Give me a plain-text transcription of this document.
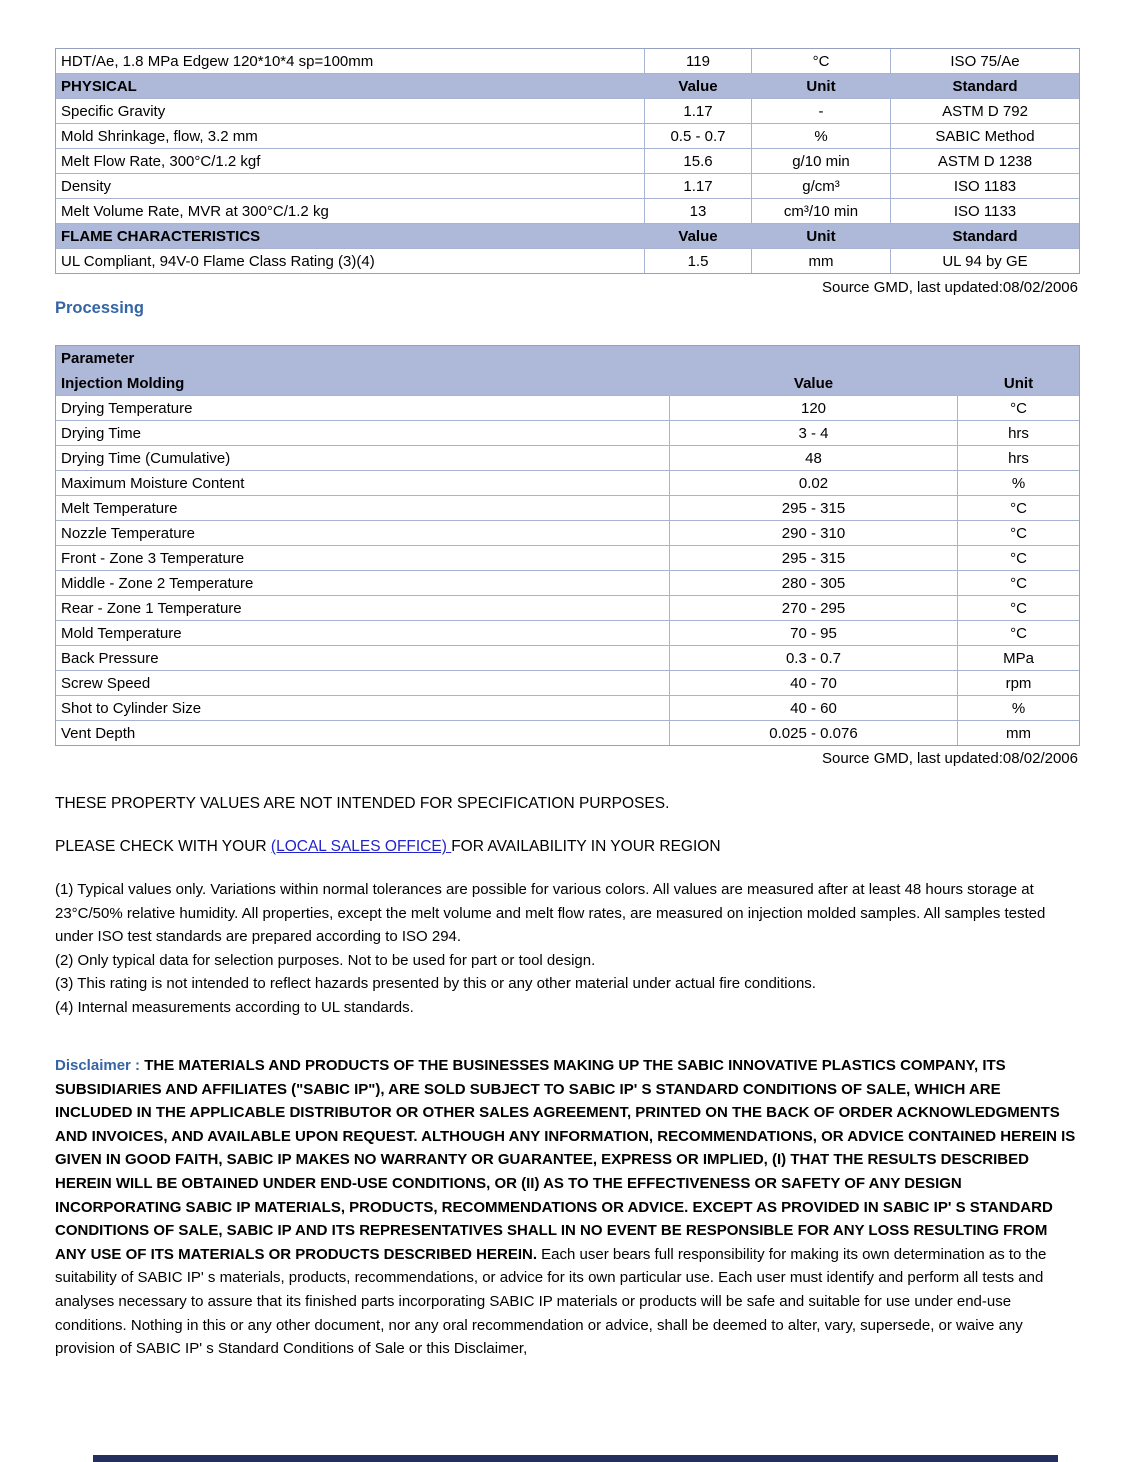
HDT/Ae, 1.8 MPa Edgew 120*10*4 sp=100mm	119	°C	ISO 75/Ae
PHYSICAL	Value	Unit	Standard
Specific Gravity	1.17	-	ASTM D 792
Mold Shrinkage, flow, 3.2 mm	0.5 - 0.7	%	SABIC Method
Melt Flow Rate, 300°C/1.2 kgf	15.6	g/10 min	ASTM D 1238
Density	1.17	g/cm³	ISO 1183
Melt Volume Rate, MVR at 300°C/1.2 kg	13	cm³/10 min	ISO 1133
FLAME CHARACTERISTICS	Value	Unit	Standard
UL Compliant, 94V-0 Flame Class Rating (3)(4)	1.5	mm	UL 94 by GE
Source GMD, last updated:08/02/2006
Processing
Parameter		
Injection Molding	Value	Unit
Drying Temperature	120	°C
Drying Time	3 - 4	hrs
Drying Time (Cumulative)	48	hrs
Maximum Moisture Content	0.02	%
Melt Temperature	295 - 315	°C
Nozzle Temperature	290 - 310	°C
Front - Zone 3 Temperature	295 - 315	°C
Middle - Zone 2 Temperature	280 - 305	°C
Rear - Zone 1 Temperature	270 - 295	°C
Mold Temperature	70 - 95	°C
Back Pressure	0.3 - 0.7	MPa
Screw Speed	40 - 70	rpm
Shot to Cylinder Size	40 - 60	%
Vent Depth	0.025 - 0.076	mm
Source GMD, last updated:08/02/2006
THESE PROPERTY VALUES ARE NOT INTENDED FOR SPECIFICATION PURPOSES.
PLEASE CHECK WITH YOUR (LOCAL SALES OFFICE) FOR AVAILABILITY IN YOUR REGION
(1) Typical values only. Variations within normal tolerances are possible for various colors. All values are measured after at least 48 hours storage at 23°C/50% relative humidity. All properties, except the melt volume and melt flow rates, are measured on injection molded samples. All samples tested under ISO test standards are prepared according to ISO 294.
(2) Only typical data for selection purposes. Not to be used for part or tool design.
(3) This rating is not intended to reflect hazards presented by this or any other material under actual fire conditions.
(4) Internal measurements according to UL standards.
Disclaimer : THE MATERIALS AND PRODUCTS OF THE BUSINESSES MAKING UP THE SABIC INNOVATIVE PLASTICS COMPANY, ITS SUBSIDIARIES AND AFFILIATES ("SABIC IP"), ARE SOLD SUBJECT TO SABIC IP' S STANDARD CONDITIONS OF SALE, WHICH ARE INCLUDED IN THE APPLICABLE DISTRIBUTOR OR OTHER SALES AGREEMENT, PRINTED ON THE BACK OF ORDER ACKNOWLEDGMENTS AND INVOICES, AND AVAILABLE UPON REQUEST. ALTHOUGH ANY INFORMATION, RECOMMENDATIONS, OR ADVICE CONTAINED HEREIN IS GIVEN IN GOOD FAITH, SABIC IP MAKES NO WARRANTY OR GUARANTEE, EXPRESS OR IMPLIED, (I) THAT THE RESULTS DESCRIBED HEREIN WILL BE OBTAINED UNDER END-USE CONDITIONS, OR (II) AS TO THE EFFECTIVENESS OR SAFETY OF ANY DESIGN INCORPORATING SABIC IP MATERIALS, PRODUCTS, RECOMMENDATIONS OR ADVICE. EXCEPT AS PROVIDED IN SABIC IP' S STANDARD CONDITIONS OF SALE, SABIC IP AND ITS REPRESENTATIVES SHALL IN NO EVENT BE RESPONSIBLE FOR ANY LOSS RESULTING FROM ANY USE OF ITS MATERIALS OR PRODUCTS DESCRIBED HEREIN. Each user bears full responsibility for making its own determination as to the suitability of SABIC IP' s materials, products, recommendations, or advice for its own particular use. Each user must identify and perform all tests and analyses necessary to assure that its finished parts incorporating SABIC IP materials or products will be safe and suitable for use under end-use conditions. Nothing in this or any other document, nor any oral recommendation or advice, shall be deemed to alter, vary, supersede, or waive any provision of SABIC IP' s Standard Conditions of Sale or this Disclaimer,
